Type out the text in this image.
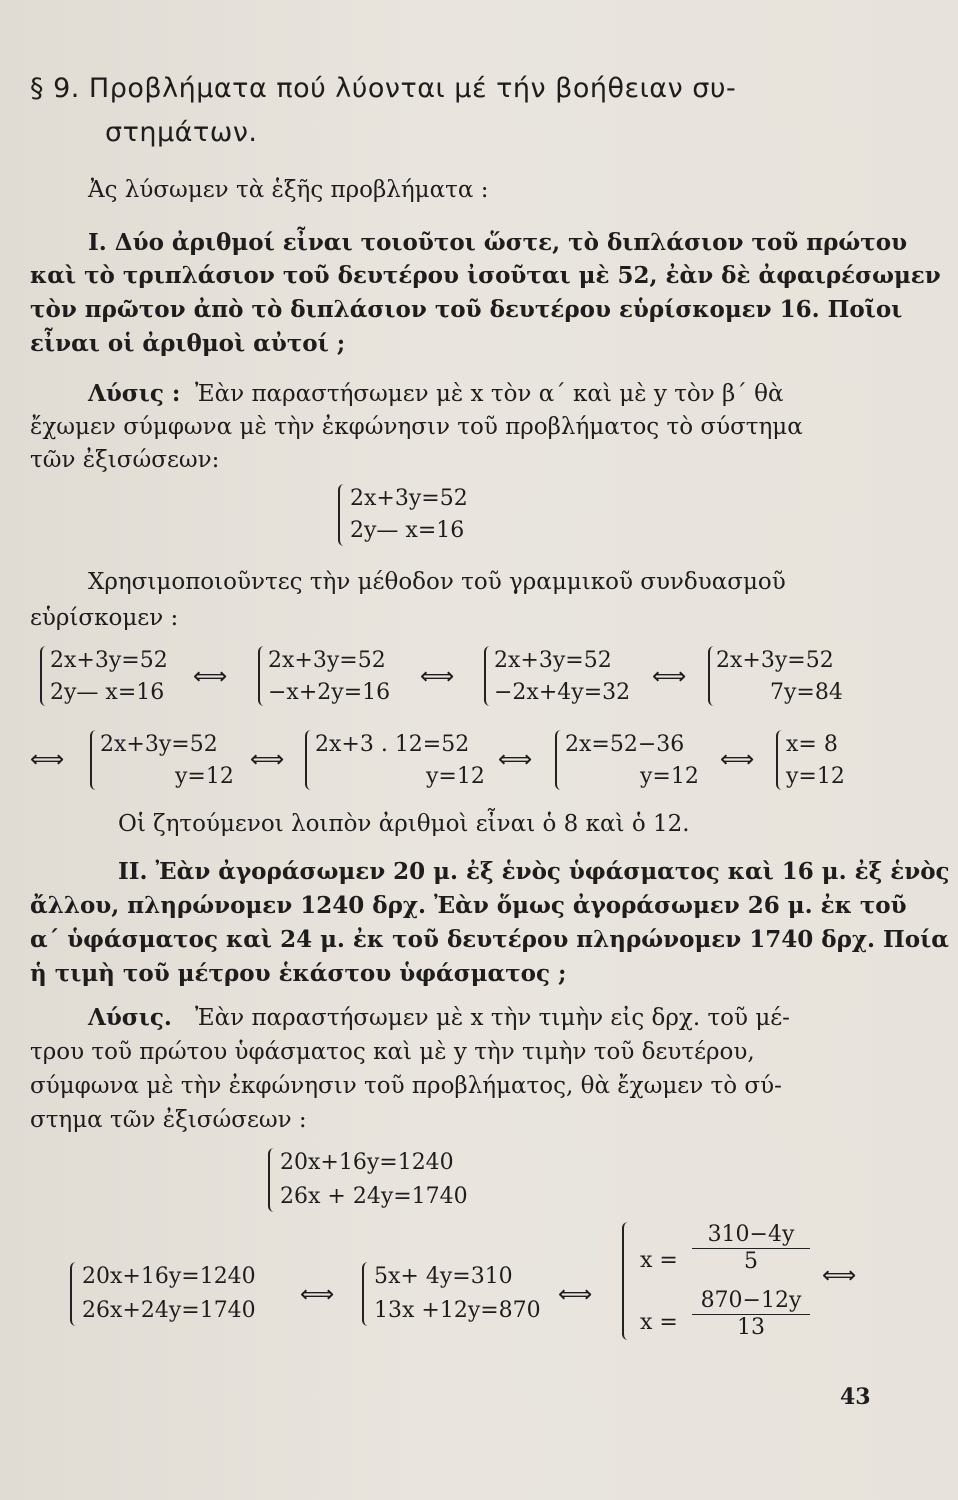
§ 9. Προβλήματα πού λύονται μέ τήν βοήθειαν συ-
στημάτων.
Ἀς λύσωμεν τὰ ἑξῆς προβλήματα :
I. Δύο ἀριθμοί εἶναι τοιοῦτοι ὥστε, τὸ διπλάσιον τοῦ πρώτου
καὶ τὸ τριπλάσιον τοῦ δευτέρου ἰσοῦται μὲ 52, ἐὰν δὲ ἀφαιρέσωμεν
τὸν πρῶτον ἀπὸ τὸ διπλάσιον τοῦ δευτέρου εὑρίσκομεν 16. Ποῖοι
εἶναι οἱ ἀριθμοὶ αὐτοί ;
Λύσις : Ἐὰν παραστήσωμεν μὲ x τὸν α΄ καὶ μὲ y τὸν β΄ θὰ
ἔχωμεν σύμφωνα μὲ τὴν ἐκφώνησιν τοῦ προβλήματος τὸ σύστημα
τῶν ἐξισώσεων:
2x+3y=52
2y— x=16
Χρησιμοποιοῦντες τὴν μέθοδον τοῦ γραμμικοῦ συνδυασμοῦ
εὑρίσκομεν :
2x+3y=52
2y— x=16
⟺
2x+3y=52
−x+2y=16
⟺
2x+3y=52
−2x+4y=32
⟺
2x+3y=52
7y=84
⟺
2x+3y=52
y=12
⟺
2x+3 . 12=52
y=12
⟺
2x=52−36
y=12
⟺
x= 8
y=12
Οἱ ζητούμενοι λοιπὸν ἀριθμοὶ εἶναι ὁ 8 καὶ ὁ 12.
II. Ἐὰν ἀγοράσωμεν 20 μ. ἐξ ἑνὸς ὑφάσματος καὶ 16 μ. ἐξ ἑνὸς
ἄλλου, πληρώνομεν 1240 δρχ. Ἐὰν ὅμως ἀγοράσωμεν 26 μ. ἐκ τοῦ
α΄ ὑφάσματος καὶ 24 μ. ἐκ τοῦ δευτέρου πληρώνομεν 1740 δρχ. Ποία
ἡ τιμὴ τοῦ μέτρου ἑκάστου ὑφάσματος ;
Λύσις. Ἐὰν παραστήσωμεν μὲ x τὴν τιμὴν εἰς δρχ. τοῦ μέ-
τρου τοῦ πρώτου ὑφάσματος καὶ μὲ y τὴν τιμὴν τοῦ δευτέρου,
σύμφωνα μὲ τὴν ἐκφώνησιν τοῦ προβλήματος, θὰ ἔχωμεν τὸ σύ-
στημα τῶν ἐξισώσεων :
20x+16y=1240
26x + 24y=1740
20x+16y=1240
26x+24y=1740
⟺
5x+ 4y=310
13x +12y=870
⟺
$x = \frac{310-4y}{5}$
$x = \frac{870-12y}{13}$
⟺
43
